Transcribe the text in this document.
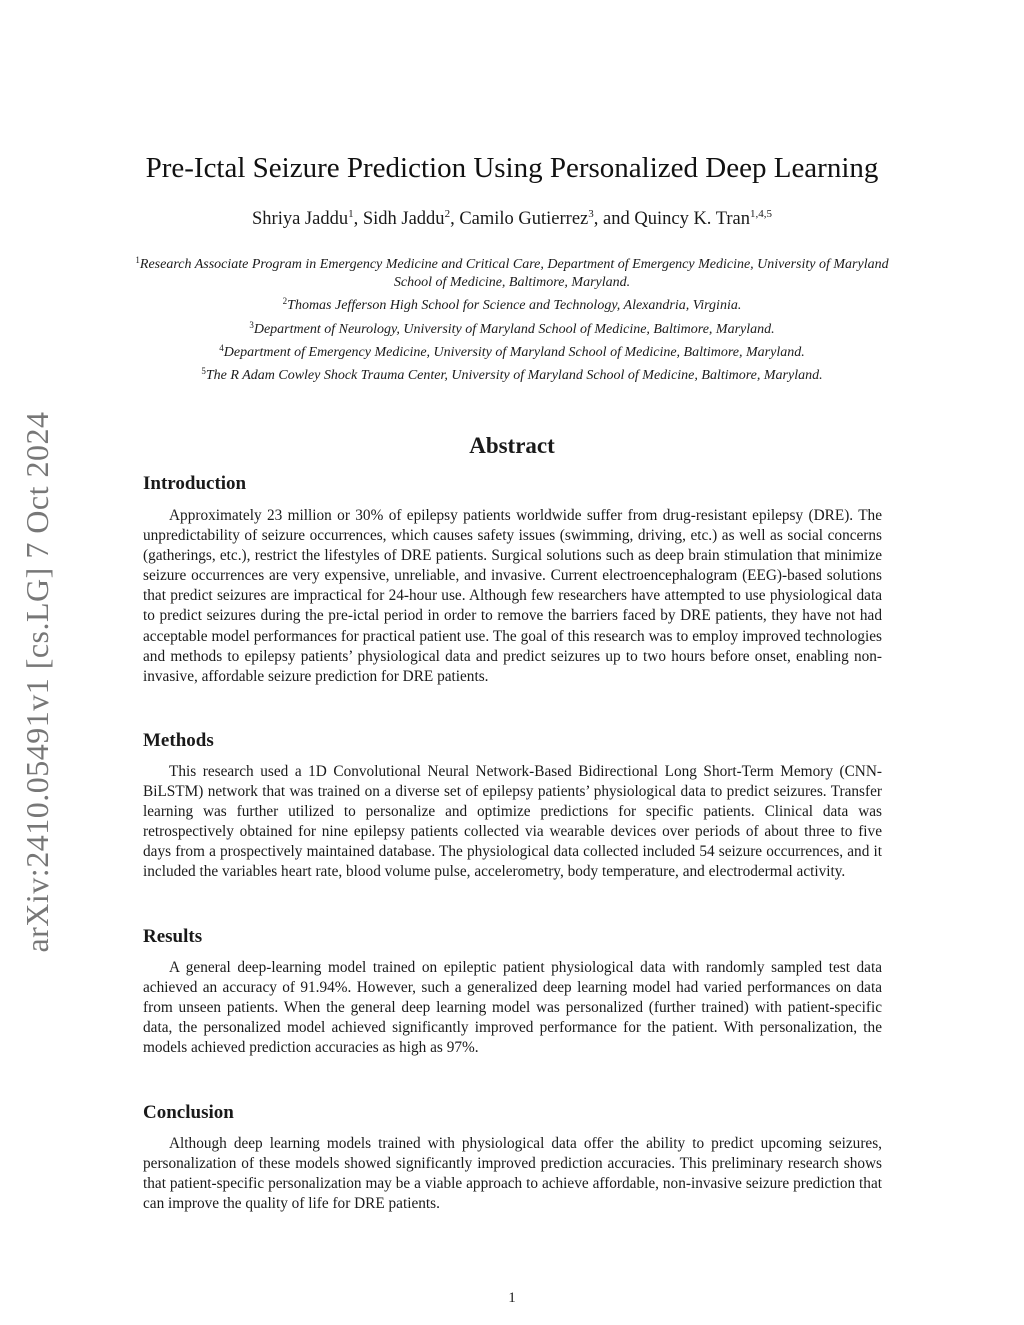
arXiv:2410.05491v1 [cs.LG] 7 Oct 2024
Pre-Ictal Seizure Prediction Using Personalized Deep Learning
Shriya Jaddu$^1$, Sidh Jaddu$^2$, Camilo Gutierrez$^3$, and Quincy K. Tran$^{1,4,5}$
$^1$Research Associate Program in Emergency Medicine and Critical Care, Department of Emergency Medicine, University of Maryland School of Medicine, Baltimore, Maryland.
$^2$Thomas Jefferson High School for Science and Technology, Alexandria, Virginia.
$^3$Department of Neurology, University of Maryland School of Medicine, Baltimore, Maryland.
$^4$Department of Emergency Medicine, University of Maryland School of Medicine, Baltimore, Maryland.
$^5$The R Adam Cowley Shock Trauma Center, University of Maryland School of Medicine, Baltimore, Maryland.
Abstract
Introduction
Approximately 23 million or 30% of epilepsy patients worldwide suffer from drug-resistant epilepsy (DRE). The unpredictability of seizure occurrences, which causes safety issues (swimming, driving, etc.) as well as social concerns (gatherings, etc.), restrict the lifestyles of DRE patients. Surgical solutions such as deep brain stimulation that minimize seizure occurrences are very expensive, unreliable, and invasive. Current electroencephalogram (EEG)-based solutions that predict seizures are impractical for 24-hour use. Although few researchers have attempted to use physiological data to predict seizures during the pre-ictal period in order to remove the barriers faced by DRE patients, they have not had acceptable model performances for practical patient use. The goal of this research was to employ improved technologies and methods to epilepsy patients’ physiological data and predict seizures up to two hours before onset, enabling non-invasive, affordable seizure prediction for DRE patients.
Methods
This research used a 1D Convolutional Neural Network-Based Bidirectional Long Short-Term Memory (CNN-BiLSTM) network that was trained on a diverse set of epilepsy patients’ physiological data to predict seizures. Transfer learning was further utilized to personalize and optimize predictions for specific patients. Clinical data was retrospectively obtained for nine epilepsy patients collected via wearable devices over periods of about three to five days from a prospectively maintained database. The physiological data collected included 54 seizure occurrences, and it included the variables heart rate, blood volume pulse, accelerometry, body temperature, and electrodermal activity.
Results
A general deep-learning model trained on epileptic patient physiological data with randomly sampled test data achieved an accuracy of 91.94%. However, such a generalized deep learning model had varied performances on data from unseen patients. When the general deep learning model was personalized (further trained) with patient-specific data, the personalized model achieved significantly improved performance for the patient. With personalization, the models achieved prediction accuracies as high as 97%.
Conclusion
Although deep learning models trained with physiological data offer the ability to predict upcoming seizures, personalization of these models showed significantly improved prediction accuracies. This preliminary research shows that patient-specific personalization may be a viable approach to achieve affordable, non-invasive seizure prediction that can improve the quality of life for DRE patients.
1
